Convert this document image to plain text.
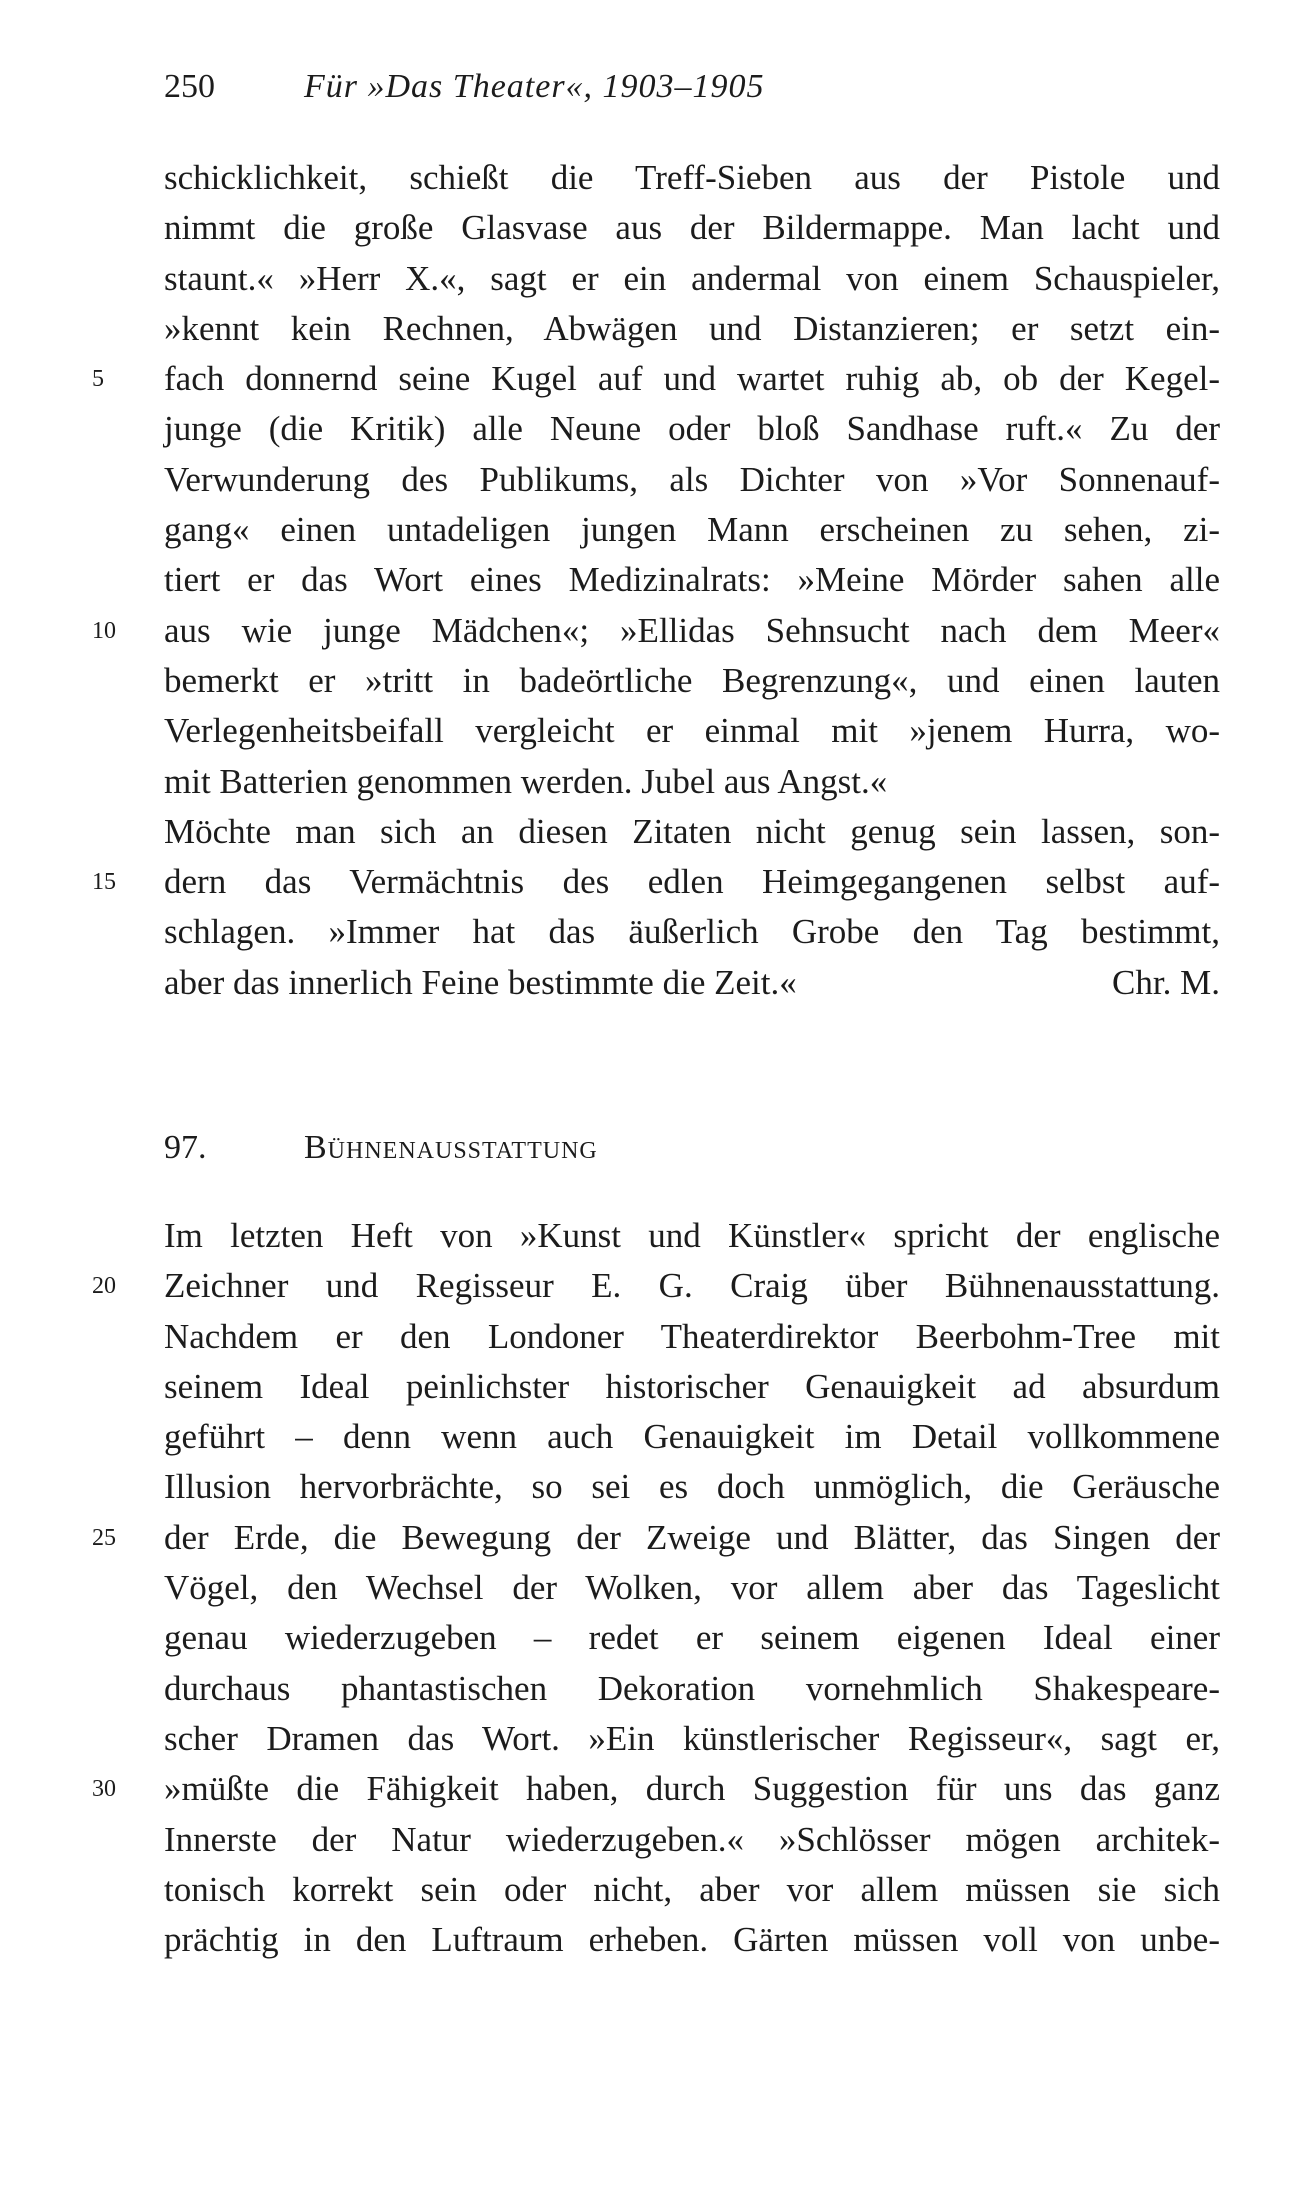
250	Für »Das Theater«, 1903–1905
schicklichkeit, schießt die Treff-Sieben aus der Pistole und
nimmt die große Glasvase aus der Bildermappe. Man lacht und
staunt.« »Herr X.«, sagt er ein andermal von einem Schauspieler,
»kennt kein Rechnen, Abwägen und Distanzieren; er setzt ein-
5	fach donnernd seine Kugel auf und wartet ruhig ab, ob der Kegel-
junge (die Kritik) alle Neune oder bloß Sandhase ruft.« Zu der
Verwunderung des Publikums, als Dichter von »Vor Sonnenauf-
gang« einen untadeligen jungen Mann erscheinen zu sehen, zi-
tiert er das Wort eines Medizinalrats: »Meine Mörder sahen alle
10	aus wie junge Mädchen«; »Ellidas Sehnsucht nach dem Meer«
bemerkt er »tritt in badeörtliche Begrenzung«, und einen lauten
Verlegenheitsbeifall vergleicht er einmal mit »jenem Hurra, wo-
mit Batterien genommen werden. Jubel aus Angst.«
Möchte man sich an diesen Zitaten nicht genug sein lassen, son-
15	dern das Vermächtnis des edlen Heimgegangenen selbst auf-
schlagen. »Immer hat das äußerlich Grobe den Tag bestimmt,
aber das innerlich Feine bestimmte die Zeit.«	Chr. M.
97.	Bühnenausstattung
Im letzten Heft von »Kunst und Künstler« spricht der englische
20	Zeichner und Regisseur E. G. Craig über Bühnenausstattung.
Nachdem er den Londoner Theaterdirektor Beerbohm-Tree mit
seinem Ideal peinlichster historischer Genauigkeit ad absurdum
geführt – denn wenn auch Genauigkeit im Detail vollkommene
Illusion hervorbrächte, so sei es doch unmöglich, die Geräusche
25	der Erde, die Bewegung der Zweige und Blätter, das Singen der
Vögel, den Wechsel der Wolken, vor allem aber das Tageslicht
genau wiederzugeben – redet er seinem eigenen Ideal einer
durchaus phantastischen Dekoration vornehmlich Shakespeare-
scher Dramen das Wort. »Ein künstlerischer Regisseur«, sagt er,
30	»müßte die Fähigkeit haben, durch Suggestion für uns das ganz
Innerste der Natur wiederzugeben.« »Schlösser mögen architek-
tonisch korrekt sein oder nicht, aber vor allem müssen sie sich
prächtig in den Luftraum erheben. Gärten müssen voll von unbe-
